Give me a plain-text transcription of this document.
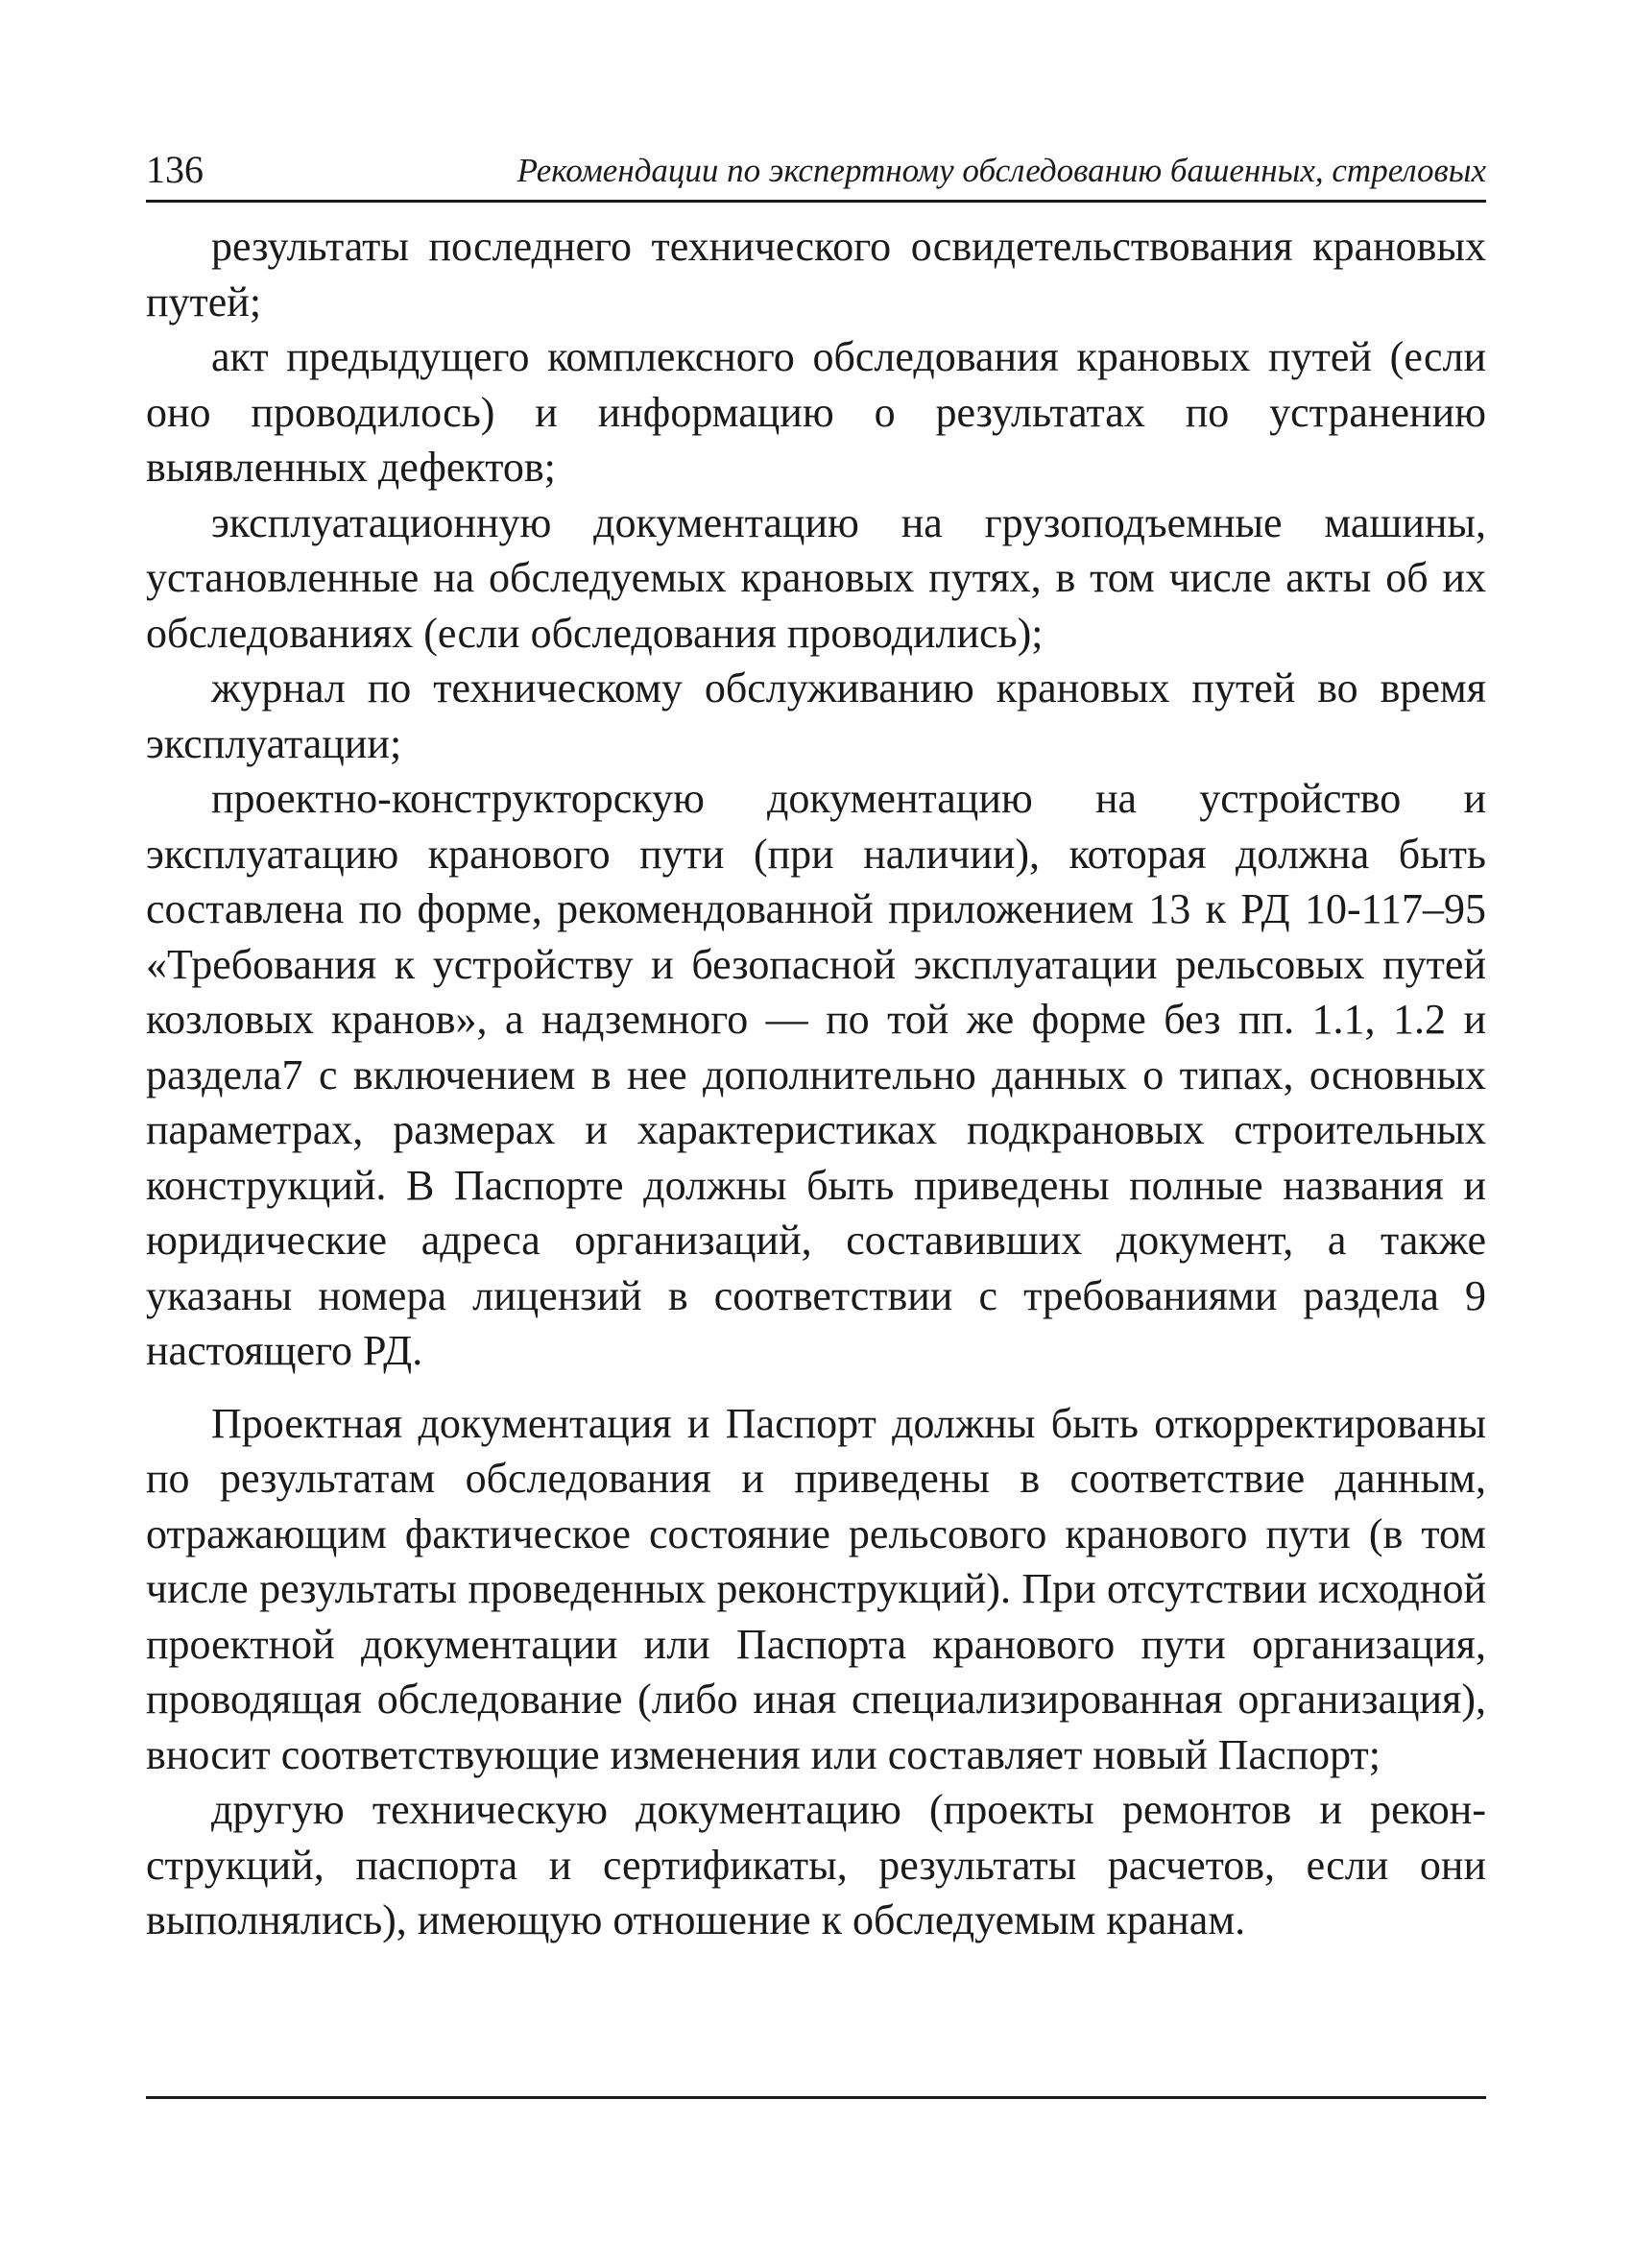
136	Рекомендации по экспертному обследованию башенных, стреловых

результаты последнего технического освидетельствования крановых путей;

акт предыдущего комплексного обследования крановых путей (если оно проводилось) и информацию о результатах по устранению выявленных дефектов;

эксплуатационную документацию на грузоподъемные машины, установленные на обследуемых крановых путях, в том числе акты об их обследованиях (если обследования проводились);

журнал по техническому обслуживанию крановых путей во время эксплуатации;

проектно-конструкторскую документацию на устройство и эксплуатацию кранового пути (при наличии), которая должна быть составлена по форме, рекомендованной приложением 13 к РД 10-117–95 «Требования к устройству и безопасной эксплуатации рельсовых путей козловых кранов», а надземного — по той же форме без пп. 1.1, 1.2 и раздела7 с включением в нее дополнительно данных о типах, основных параметрах, размерах и характеристиках подкрановых строительных конструкций. В Паспорте должны быть приведены полные названия и юридические адреса организаций, составивших документ, а также указаны номера лицензий в соответствии с требованиями раздела 9 настоящего РД.

Проектная документация и Паспорт должны быть откорректированы по результатам обследования и приведены в соответствие данным, отражающим фактическое состояние рельсового кранового пути (в том числе результаты проведенных реконструкций). При отсутствии исходной проектной документации или Паспорта кранового пути организация, проводящая обследование (либо иная специализированная организация), вносит соответствующие изменения или составляет новый Паспорт;

другую техническую документацию (проекты ремонтов и реконструкций, паспорта и сертификаты, результаты расчетов, если они выполнялись), имеющую отношение к обследуемым кранам.
